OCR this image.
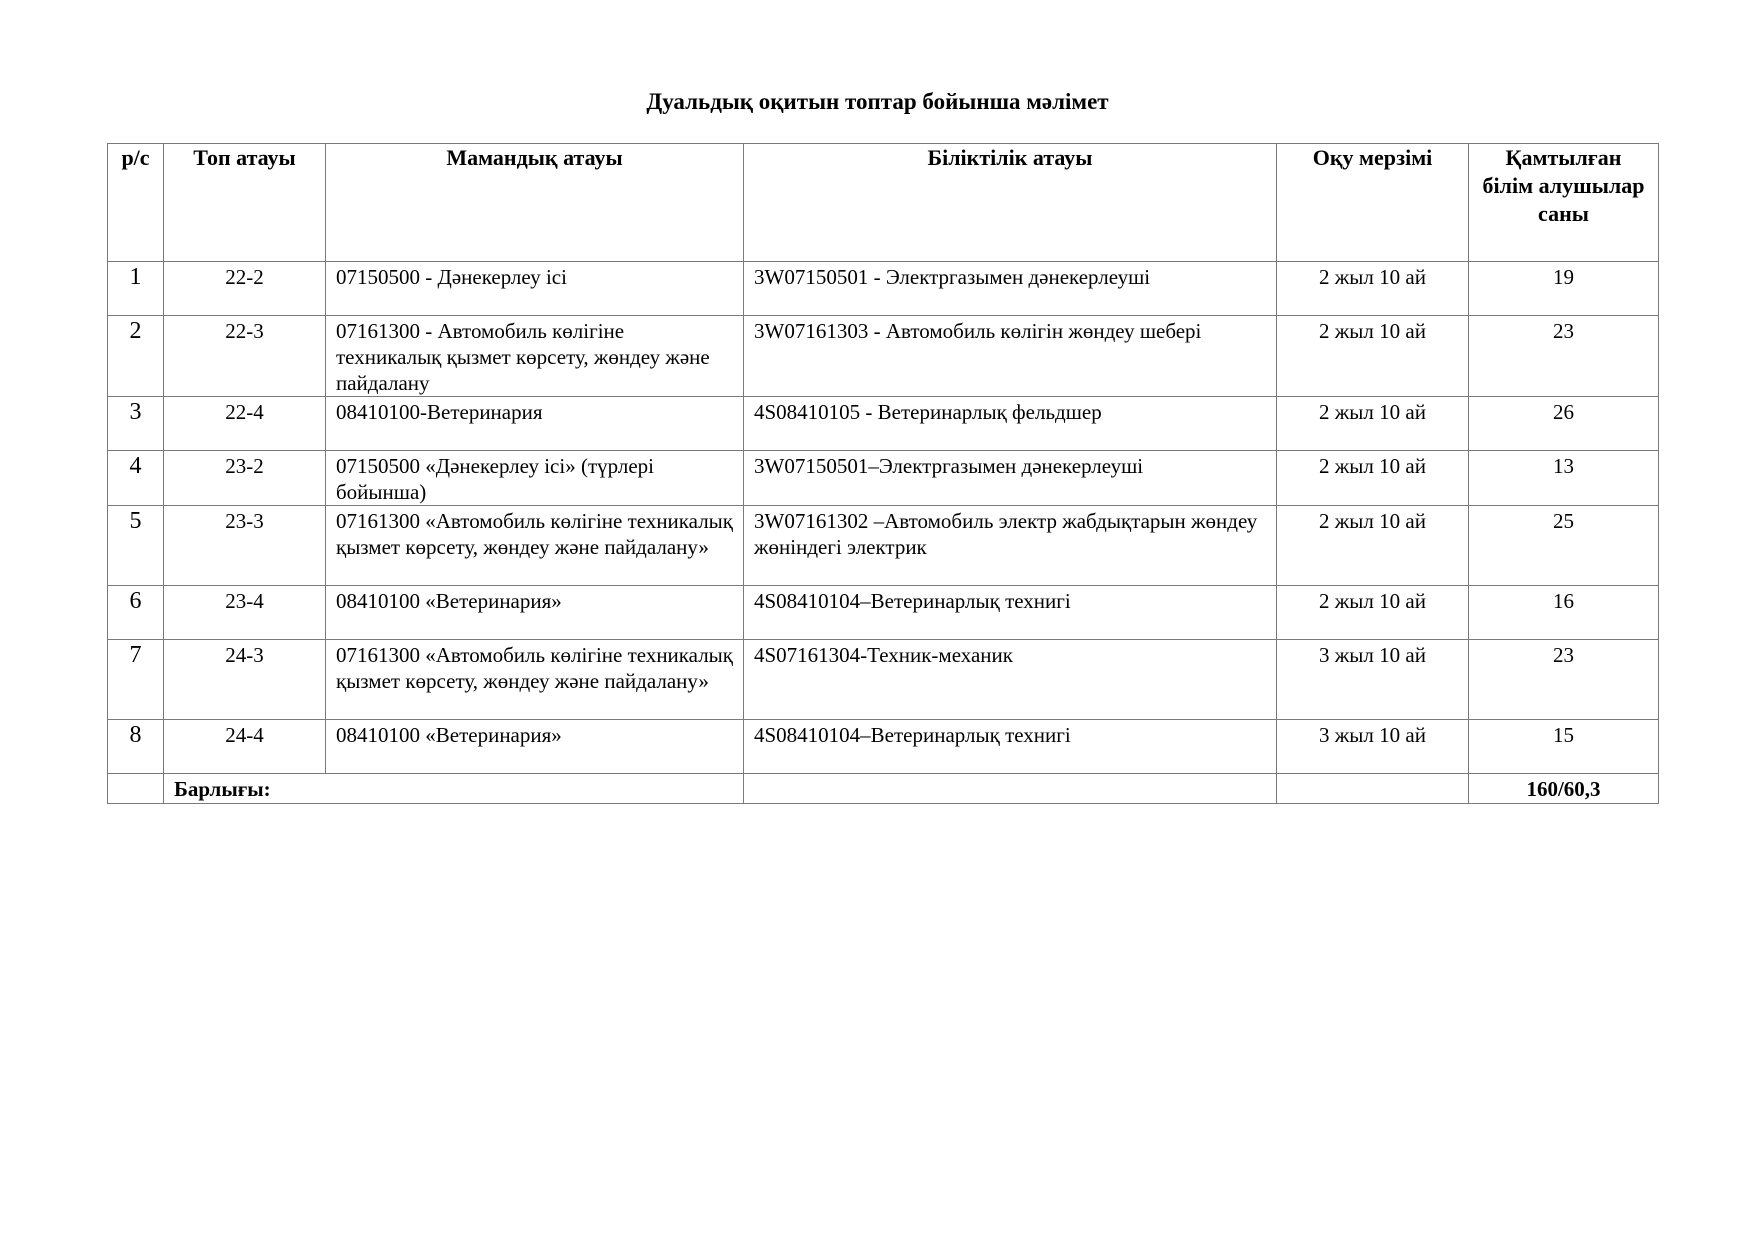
Дуальдық оқитын топтар бойынша мәлімет
р/с	Топ атауы	Мамандық атауы	Біліктілік атауы	Оқу мерзімі	Қамтылған білім алушылар саны
1	22-2	07150500 - Дәнекерлеу ісі	3W07150501 - Электргазымен дәнекерлеуші	2 жыл 10 ай	19
2	22-3	07161300 - Автомобиль көлігіне техникалық қызмет көрсету, жөндеу және пайдалану	3W07161303 - Автомобиль көлігін жөндеу шебері	2 жыл 10 ай	23
3	22-4	08410100-Ветеринария	4S08410105 - Ветеринарлық фельдшер	2 жыл 10 ай	26
4	23-2	07150500 «Дәнекерлеу ісі» (түрлері бойынша)	3W07150501–Электргазымен дәнекерлеуші	2 жыл 10 ай	13
5	23-3	07161300 «Автомобиль көлігіне техникалық қызмет көрсету, жөндеу және пайдалану»	3W07161302 –Автомобиль электр жабдықтарын жөндеу жөніндегі электрик	2 жыл 10 ай	25
6	23-4	08410100 «Ветеринария»	4S08410104–Ветеринарлық технигі	2 жыл 10 ай	16
7	24-3	07161300 «Автомобиль көлігіне техникалық қызмет көрсету, жөндеу және пайдалану»	4S07161304-Техник-механик	3 жыл 10 ай	23
8	24-4	08410100 «Ветеринария»	4S08410104–Ветеринарлық технигі	3 жыл 10 ай	15
	Барлығы:				160/60,3
